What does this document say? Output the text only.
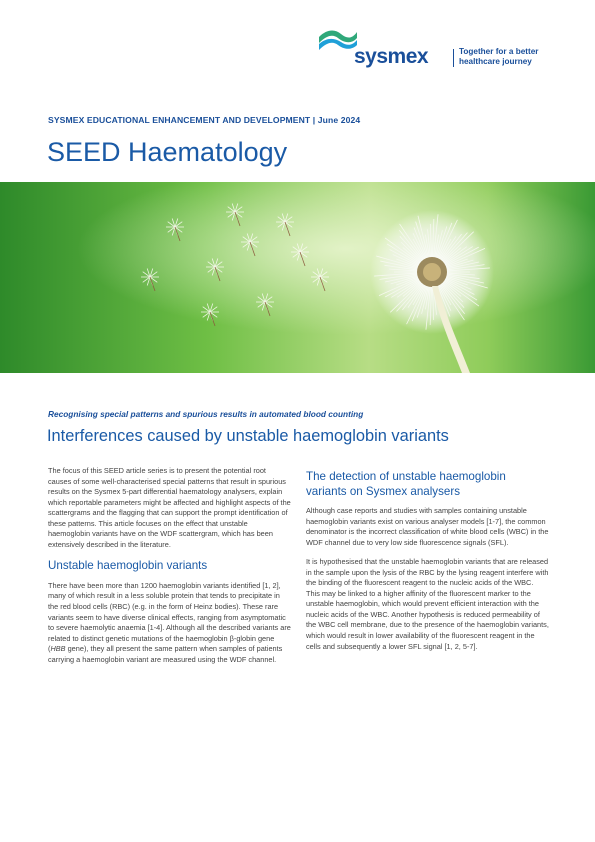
sysmex	Together for a better
healthcare journey
SYSMEX EDUCATIONAL ENHANCEMENT AND DEVELOPMENT | June 2024
SEED Haematology
Recognising special patterns and spurious results in automated blood counting
Interferences caused by unstable haemoglobin variants

The focus of this SEED article series is to present the potential root causes of some well-characterised special patterns that result in spurious results on the Sysmex 5-part differential haematology analysers, explain which reportable parameters might be affected and highlight aspects of the scattergrams and the flagging that can support the prompt identification of these patterns. This article focuses on the effect that unstable haemoglobin variants have on the WDF scattergram, which has been extensively described in the literature.

Unstable haemoglobin variants

There have been more than 1200 haemoglobin variants identified [1, 2], many of which result in a less soluble protein that tends to precipitate in the red blood cells (RBC) (e.g. in the form of Heinz bodies). These rare variants seem to have diverse clinical effects, ranging from asymptomatic to severe haemolytic anaemia [1-4]. Although all the described variants are related to distinct genetic mutations of the haemoglobin β-globin gene (HBB gene), they all present the same pattern when samples of patients carrying a haemoglobin variant are measured using the WDF channel.

The detection of unstable haemoglobin variants on Sysmex analysers

Although case reports and studies with samples containing unstable haemoglobin variants exist on various analyser models [1-7], the common denominator is the incorrect classification of white blood cells (WBC) in the WDF channel due to very low side fluorescence signals (SFL).

It is hypothesised that the unstable haemoglobin variants that are released in the sample upon the lysis of the RBC by the lysing reagent interfere with the binding of the fluorescent reagent to the nucleic acids of the WBC. This may be linked to a higher affinity of the fluorescent marker to the unstable haemoglobin, which would prevent efficient interaction with the nucleic acids of the WBC. Another hypothesis is reduced permeability of the WBC cell membrane, due to the presence of the haemoglobin variants, which would result in lower availability of the fluorescent reagent in the cells and subsequently a lower SFL signal [1, 2, 5-7].
